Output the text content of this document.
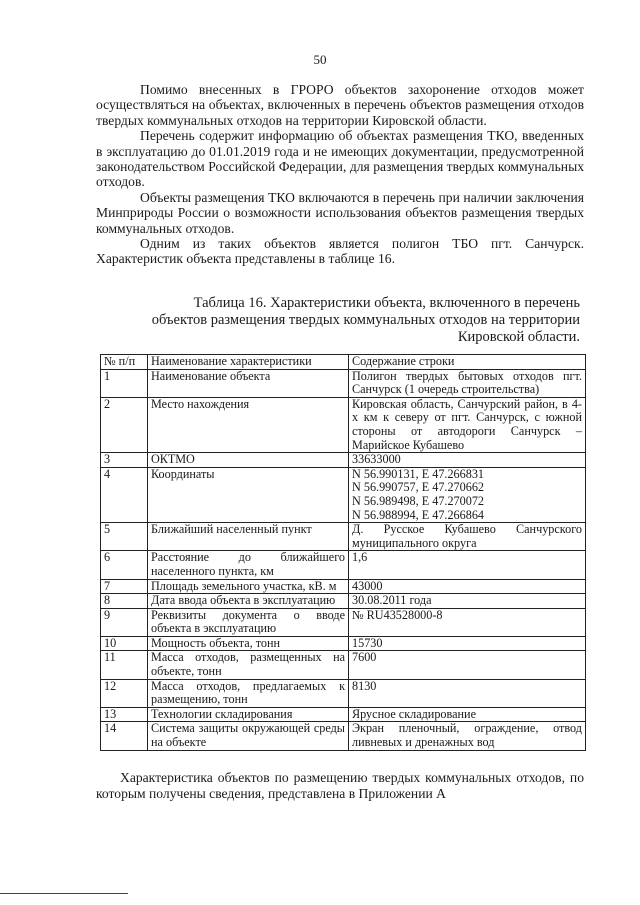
50

Помимо внесенных в ГРОРО объектов захоронение отходов может осуществляться на объектах, включенных в перечень объектов размещения отходов твердых коммунальных отходов на территории Кировской области.

Перечень содержит информацию об объектах размещения ТКО, введенных в эксплуатацию до 01.01.2019 года и не имеющих документации, предусмотренной законодательством Российской Федерации, для размещения твердых коммунальных отходов.

Объекты размещения ТКО включаются в перечень при наличии заключения Минприроды России о возможности использования объектов размещения твердых коммунальных отходов.

Одним из таких объектов является полигон ТБО пгт. Санчурск. Характеристик объекта представлены в таблице 16.

Таблица 16. Характеристики объекта, включенного в перечень объектов размещения твердых коммунальных отходов на территории Кировской области.
№ п/п	Наименование характеристики	Содержание строки
1	Наименование объекта	Полигон твердых бытовых отходов пгт. Санчурск (1 очередь строительства)
2	Место нахождения	Кировская область, Санчурский район, в 4-х км к северу от пгт. Санчурск, с южной стороны от автодороги Санчурск – Марийское Кубашево
3	ОКТМО	33633000
4	Координаты	N 56.990131, E 47.266831
N 56.990757, E 47.270662
N 56.989498, E 47.270072
N 56.988994, E 47.266864
5	Ближайший населенный пункт	Д. Русское Кубашево Санчурского муниципального округа
6	Расстояние до ближайшего населенного пункта, км	1,6
7	Площадь земельного участка, кВ. м	43000
8	Дата ввода объекта в эксплуатацию	30.08.2011 года
9	Реквизиты документа о вводе объекта в эксплуатацию	№ RU43528000-8
10	Мощность объекта, тонн	15730
11	Масса отходов, размещенных на объекте, тонн	7600
12	Масса отходов, предлагаемых к размещению, тонн	8130
13	Технологии складирования	Ярусное складирование
14	Система защиты окружающей среды на объекте	Экран пленочный, ограждение, отвод ливневых и дренажных вод
Характеристика объектов по размещению твердых коммунальных отходов, по которым получены сведения, представлена в Приложении А
